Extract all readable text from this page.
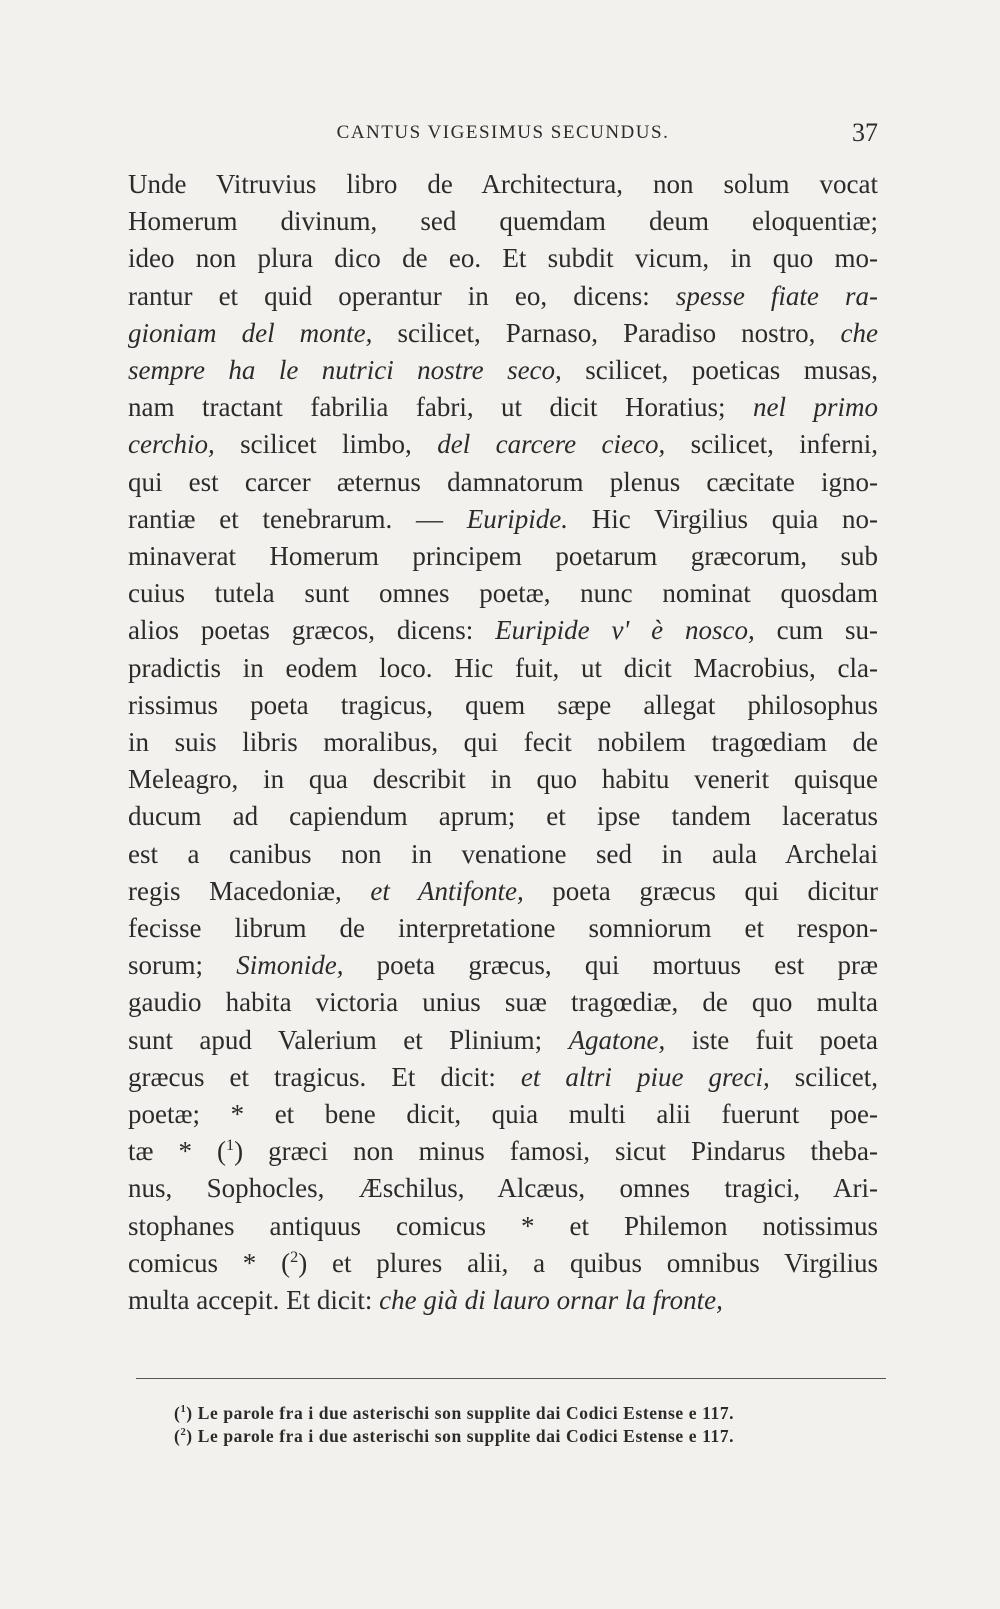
CANTUS VIGESIMUS SECUNDUS.	37
Unde Vitruvius libro de Architectura, non solum vocat
Homerum divinum, sed quemdam deum eloquentiæ;
ideo non plura dico de eo. Et subdit vicum, in quo mo-
rantur et quid operantur in eo, dicens: spesse fiate ra-
gioniam del monte, scilicet, Parnaso, Paradiso nostro, che
sempre ha le nutrici nostre seco, scilicet, poeticas musas,
nam tractant fabrilia fabri, ut dicit Horatius; nel primo
cerchio, scilicet limbo, del carcere cieco, scilicet, inferni,
qui est carcer æternus damnatorum plenus cæcitate igno-
rantiæ et tenebrarum. — Euripide. Hic Virgilius quia no-
minaverat Homerum principem poetarum græcorum, sub
cuius tutela sunt omnes poetæ, nunc nominat quosdam
alios poetas græcos, dicens: Euripide v' è nosco, cum su-
pradictis in eodem loco. Hic fuit, ut dicit Macrobius, cla-
rissimus poeta tragicus, quem sæpe allegat philosophus
in suis libris moralibus, qui fecit nobilem tragœdiam de
Meleagro, in qua describit in quo habitu venerit quisque
ducum ad capiendum aprum; et ipse tandem laceratus
est a canibus non in venatione sed in aula Archelai
regis Macedoniæ, et Antifonte, poeta græcus qui dicitur
fecisse librum de interpretatione somniorum et respon-
sorum; Simonide, poeta græcus, qui mortuus est præ
gaudio habita victoria unius suæ tragœdiæ, de quo multa
sunt apud Valerium et Plinium; Agatone, iste fuit poeta
græcus et tragicus. Et dicit: et altri piue greci, scilicet,
poetæ; * et bene dicit, quia multi alii fuerunt poe-
tæ * ($^1$) græci non minus famosi, sicut Pindarus theba-
nus, Sophocles, Æschilus, Alcæus, omnes tragici, Ari-
stophanes antiquus comicus * et Philemon notissimus
comicus * ($^2$) et plures alii, a quibus omnibus Virgilius
multa accepit. Et dicit: che già di lauro ornar la fronte,
($^1$) Le parole fra i due asterischi son supplite dai Codici Estense e 117.
($^2$) Le parole fra i due asterischi son supplite dai Codici Estense e 117.
